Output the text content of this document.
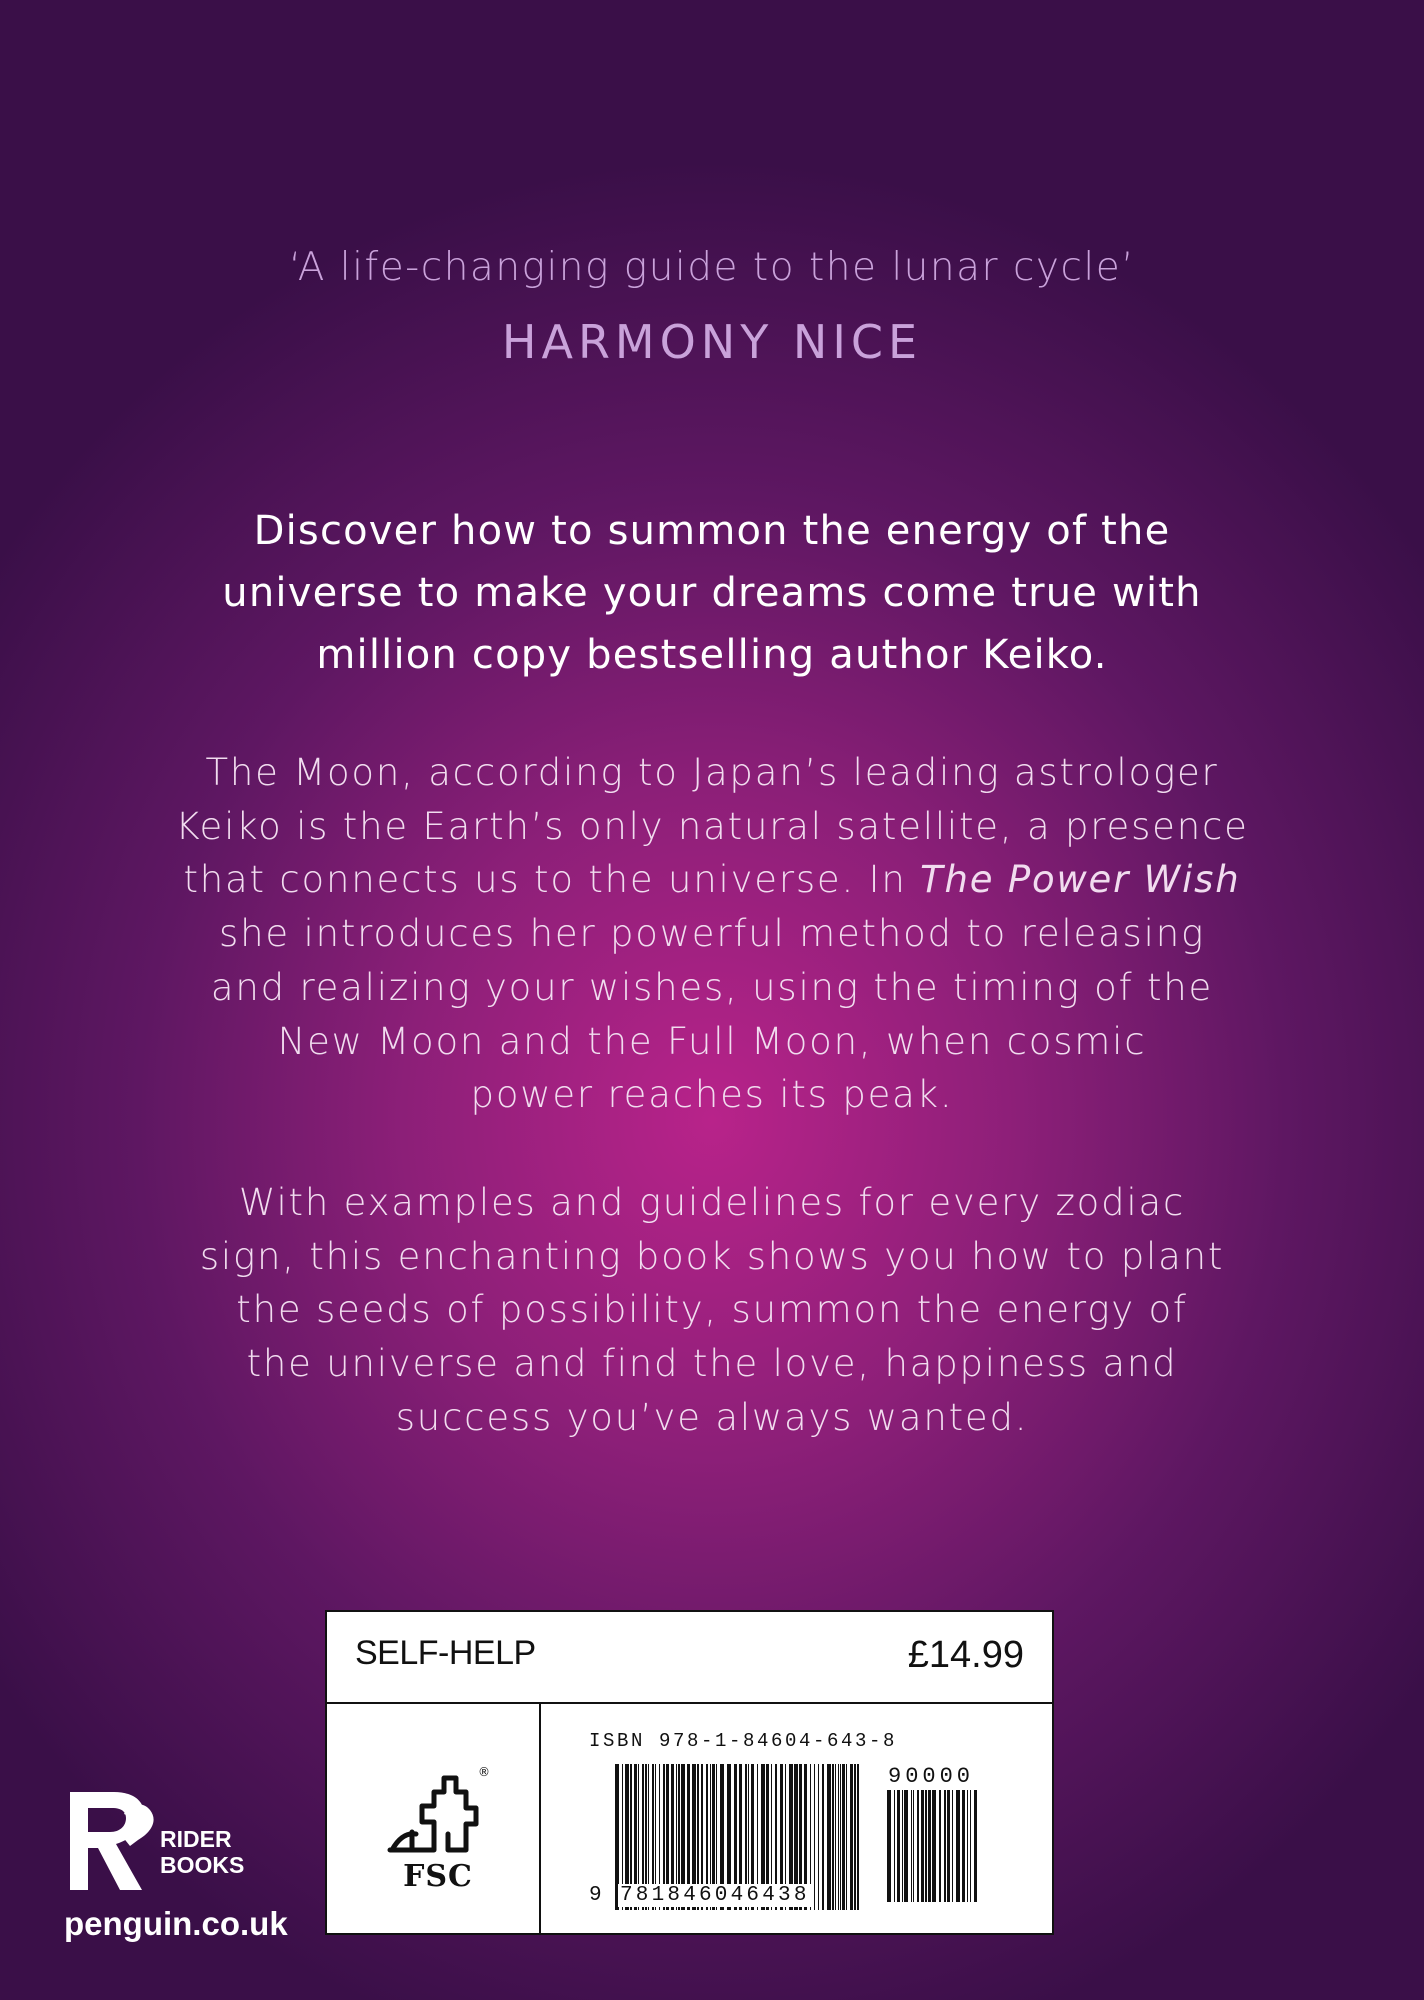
‘A life-changing guide to the lunar cycle’
HARMONY NICE
Discover how to summon the energy of the
universe to make your dreams come true with
million copy bestselling author Keiko.
The Moon, according to Japan’s leading astrologer
Keiko is the Earth’s only natural satellite, a presence
that connects us to the universe. In The Power Wish
she introduces her powerful method to releasing
and realizing your wishes, using the timing of the
New Moon and the Full Moon, when cosmic
power reaches its peak.
With examples and guidelines for every zodiac
sign, this enchanting book shows you how to plant
the seeds of possibility, summon the energy of
the universe and find the love, happiness and
success you’ve always wanted.
SELF-HELP	£14.99
®
FSC
ISBN 978-1-84604-643-8
9 781846046438
90000
RIDER
BOOKS
penguin.co.uk
